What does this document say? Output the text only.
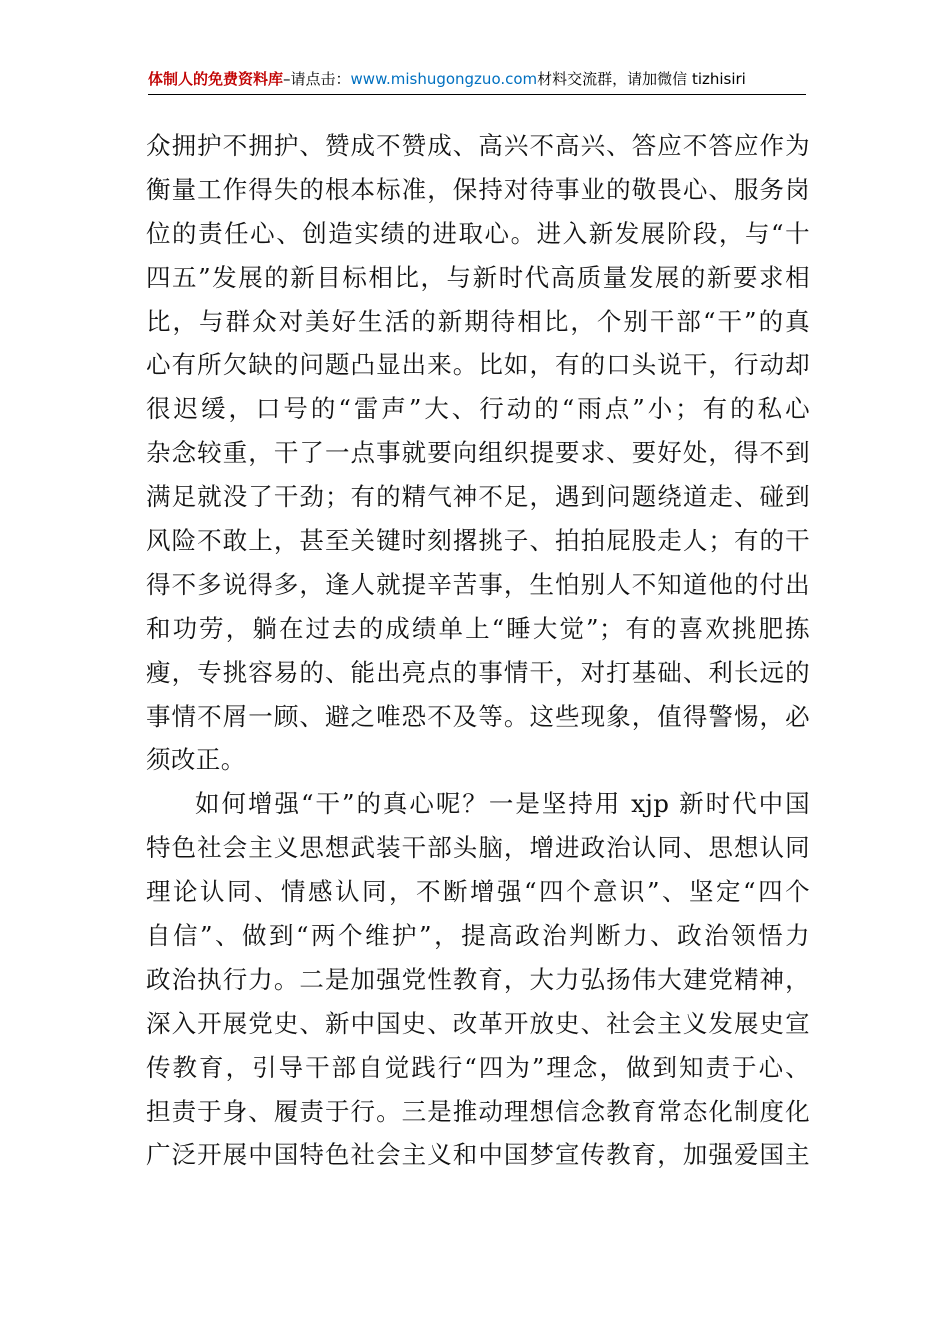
体制人的免费资料库–请点击：www.mishugongzuo.com材料交流群，请加微信 tizhisiri
众拥护不拥护、赞成不赞成、高兴不高兴、答应不答应作为
衡量工作得失的根本标准，保持对待事业的敬畏心、服务岗
位的责任心、创造实绩的进取心。进入新发展阶段，与“十
四五”发展的新目标相比，与新时代高质量发展的新要求相
比，与群众对美好生活的新期待相比，个别干部“干”的真
心有所欠缺的问题凸显出来。比如，有的口头说干，行动却
很迟缓，口号的“雷声”大、行动的“雨点”小；有的私心
杂念较重，干了一点事就要向组织提要求、要好处，得不到
满足就没了干劲；有的精气神不足，遇到问题绕道走、碰到
风险不敢上，甚至关键时刻撂挑子、拍拍屁股走人；有的干
得不多说得多，逢人就提辛苦事，生怕别人不知道他的付出
和功劳，躺在过去的成绩单上“睡大觉”；有的喜欢挑肥拣
瘦，专挑容易的、能出亮点的事情干，对打基础、利长远的
事情不屑一顾、避之唯恐不及等。这些现象，值得警惕，必
须改正。
如何增强“干”的真心呢？一是坚持用 xjp 新时代中国
特色社会主义思想武装干部头脑，增进政治认同、思想认同
理论认同、情感认同，不断增强“四个意识”、坚定“四个
自信”、做到“两个维护”，提高政治判断力、政治领悟力
政治执行力。二是加强党性教育，大力弘扬伟大建党精神，
深入开展党史、新中国史、改革开放史、社会主义发展史宣
传教育，引导干部自觉践行“四为”理念，做到知责于心、
担责于身、履责于行。三是推动理想信念教育常态化制度化
广泛开展中国特色社会主义和中国梦宣传教育，加强爱国主
